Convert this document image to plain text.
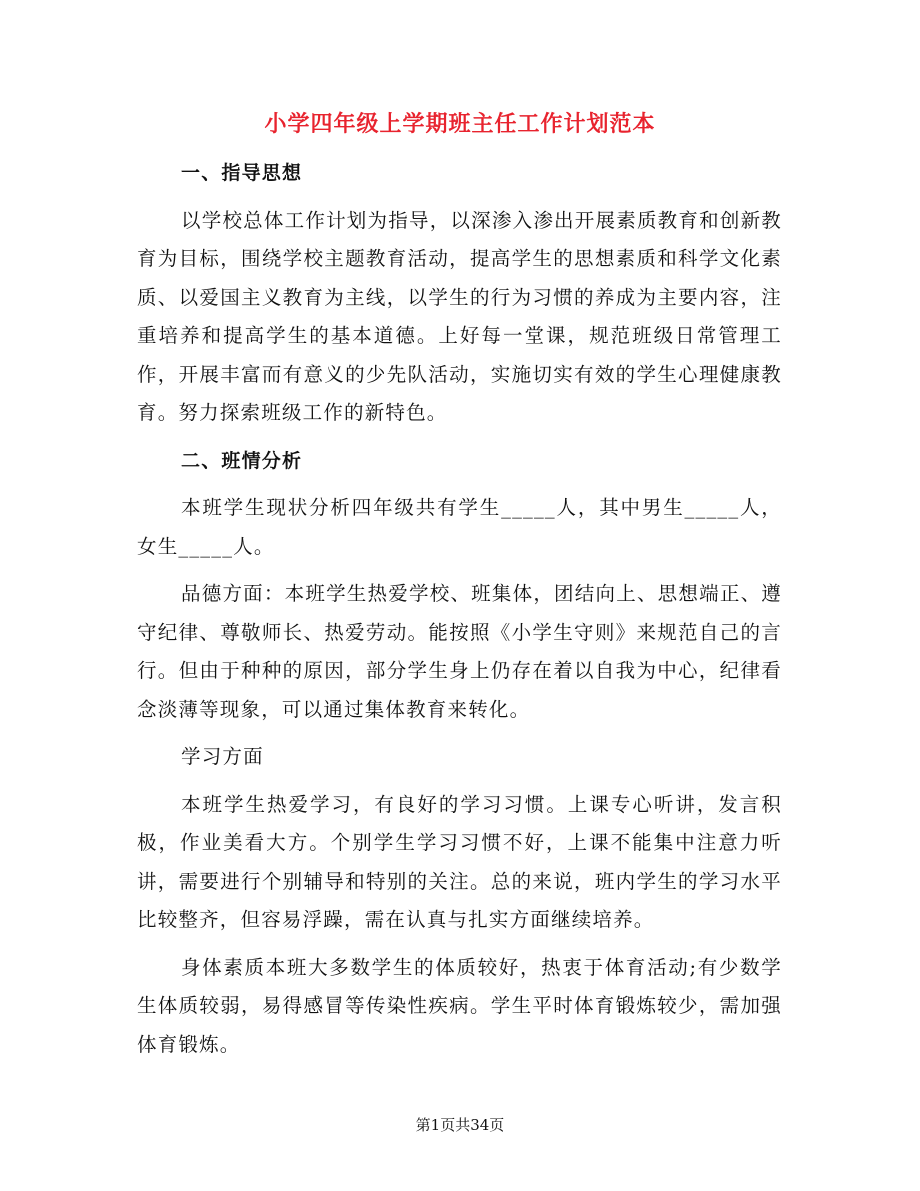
小学四年级上学期班主任工作计划范本
一、指导思想
以学校总体工作计划为指导，以深渗入渗出开展素质教育和创新教育为目标，围绕学校主题教育活动，提高学生的思想素质和科学文化素质、以爱国主义教育为主线，以学生的行为习惯的养成为主要内容，注重培养和提高学生的基本道德。上好每一堂课，规范班级日常管理工作，开展丰富而有意义的少先队活动，实施切实有效的学生心理健康教育。努力探索班级工作的新特色。
二、班情分析
本班学生现状分析四年级共有学生_____人，其中男生_____人，女生_____人。
品德方面：本班学生热爱学校、班集体，团结向上、思想端正、遵守纪律、尊敬师长、热爱劳动。能按照《小学生守则》来规范自己的言行。但由于种种的原因，部分学生身上仍存在着以自我为中心，纪律看念淡薄等现象，可以通过集体教育来转化。
学习方面
本班学生热爱学习，有良好的学习习惯。上课专心听讲，发言积极，作业美看大方。个别学生学习习惯不好，上课不能集中注意力听讲，需要进行个别辅导和特别的关注。总的来说，班内学生的学习水平比较整齐，但容易浮躁，需在认真与扎实方面继续培养。
身体素质本班大多数学生的体质较好，热衷于体育活动;有少数学生体质较弱，易得感冒等传染性疾病。学生平时体育锻炼较少，需加强体育锻炼。
第1页共34页
